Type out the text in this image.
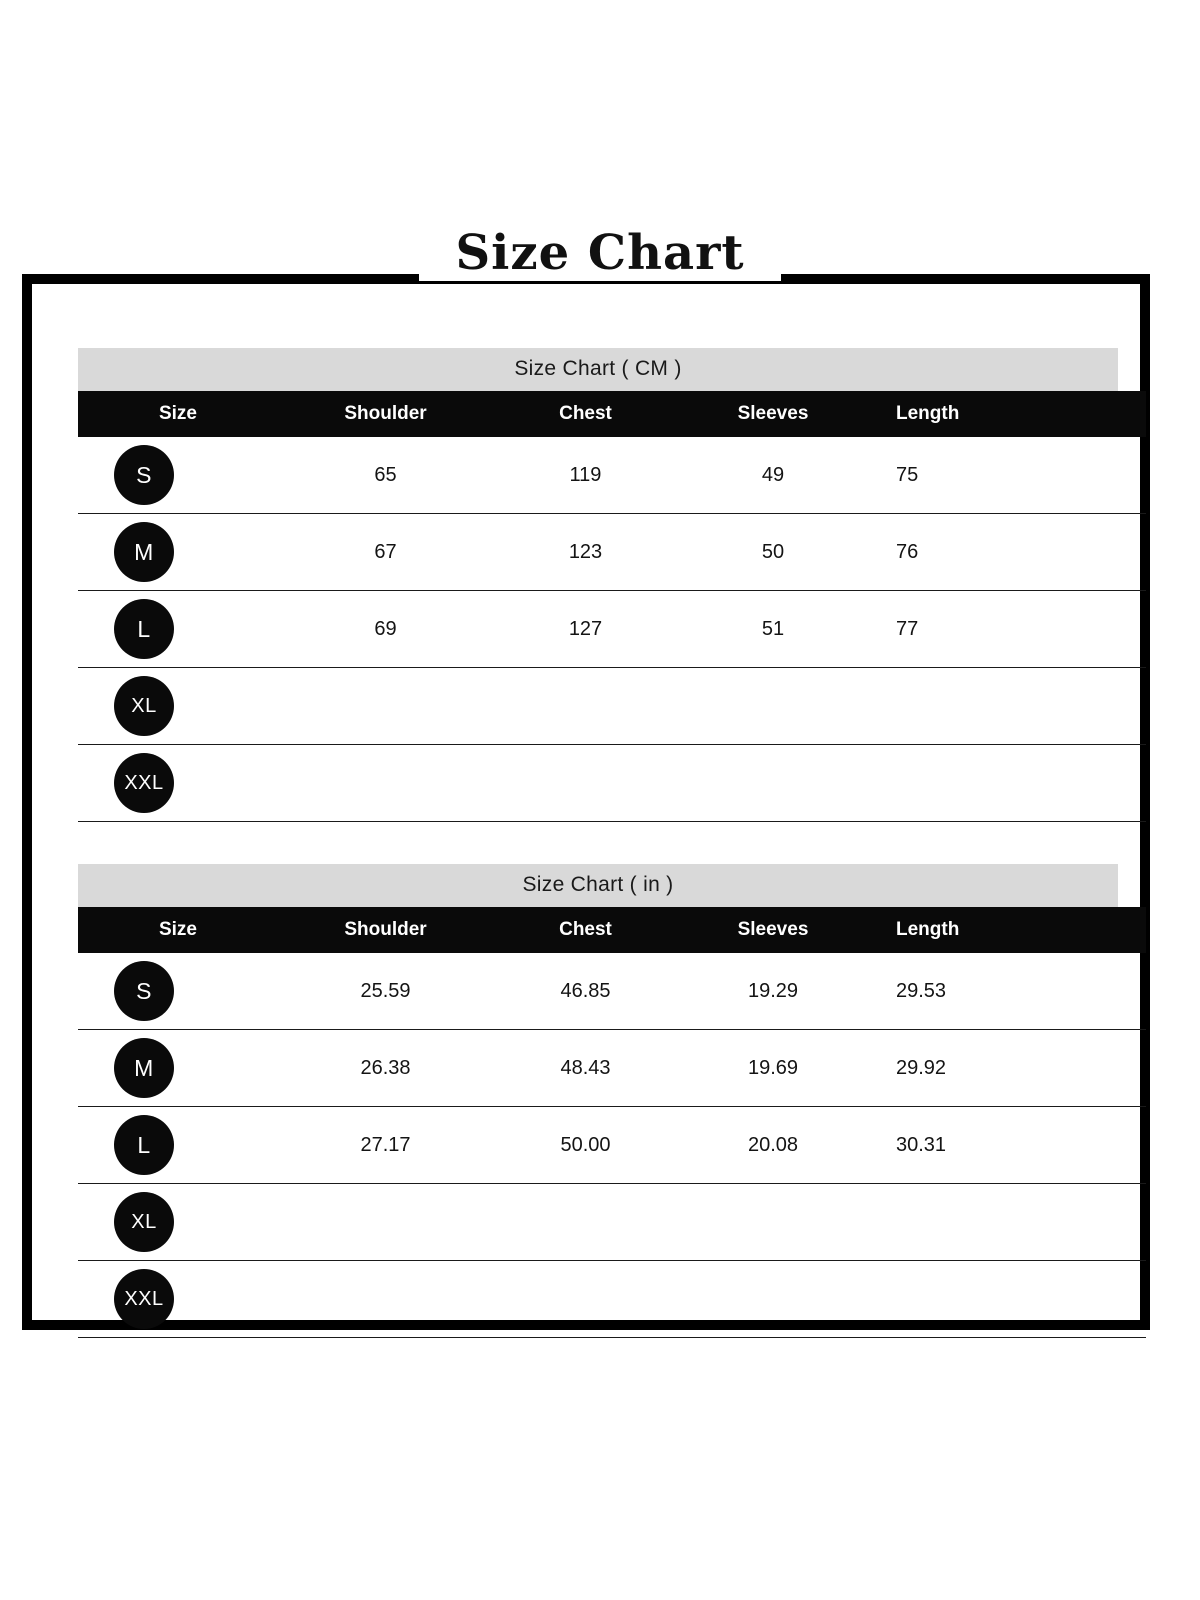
Size Chart
Size Chart ( CM )
Size	Shoulder	Chest	Sleeves	Length
S	65	119	49	75
M	67	123	50	76
L	69	127	51	77
XL				
XXL				
Size Chart ( in )
Size	Shoulder	Chest	Sleeves	Length
S	25.59	46.85	19.29	29.53
M	26.38	48.43	19.69	29.92
L	27.17	50.00	20.08	30.31
XL				
XXL				
